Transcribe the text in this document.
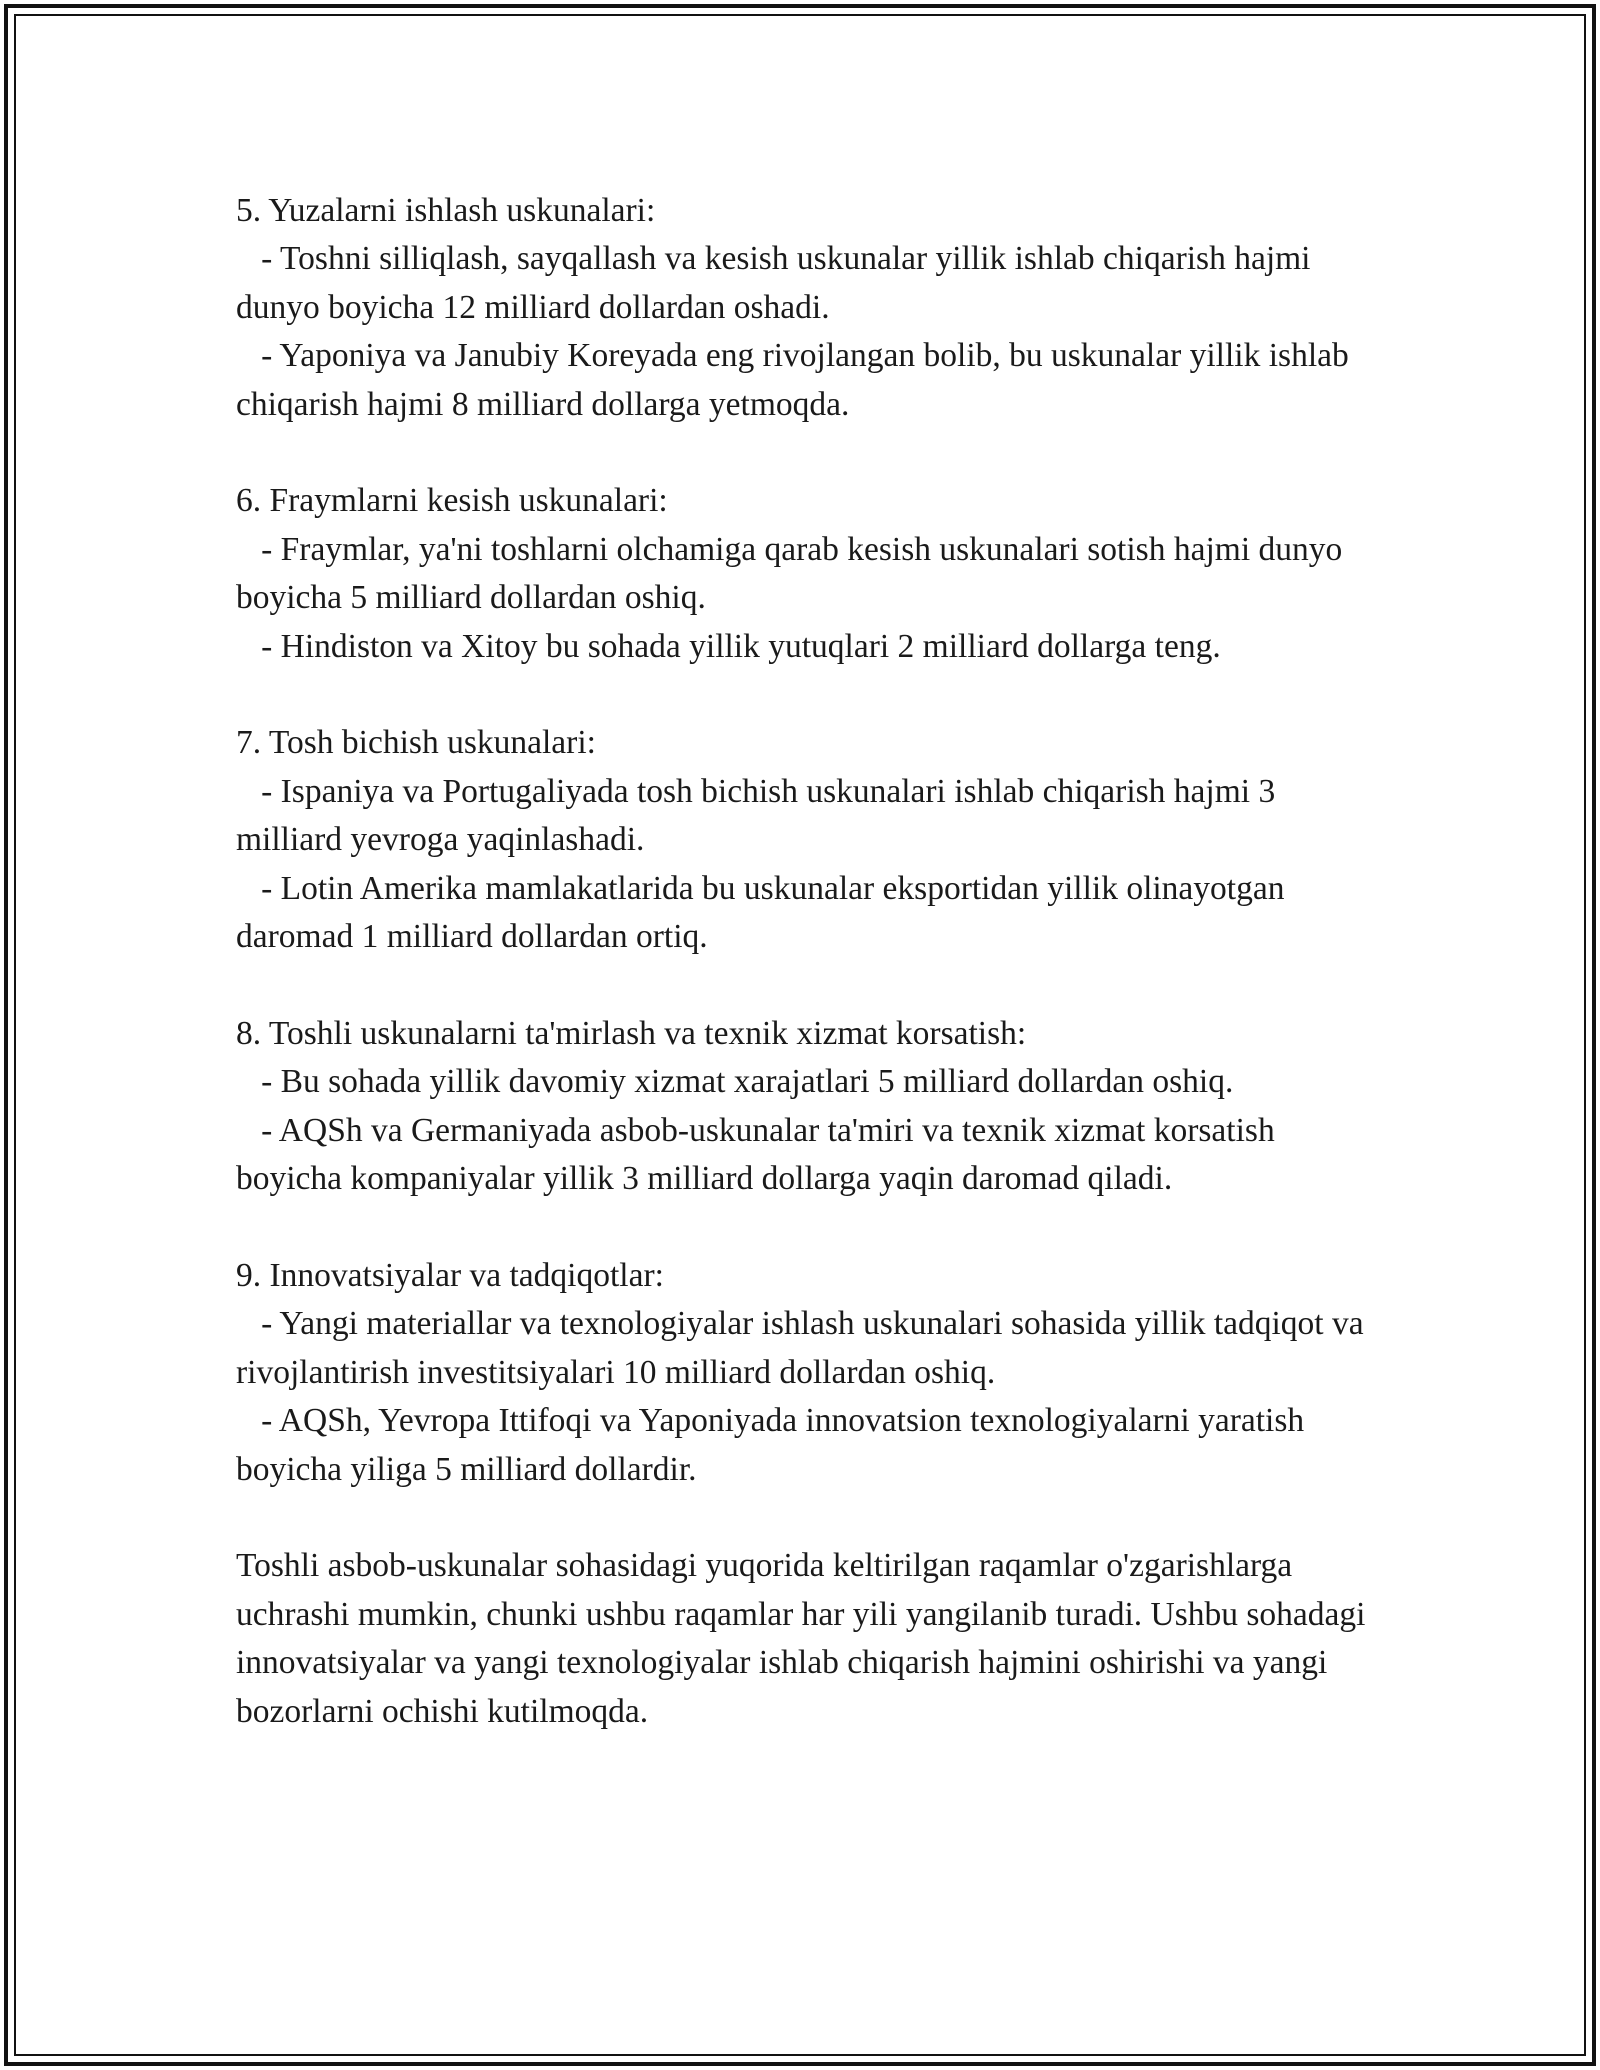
5. Yuzalarni ishlash uskunalari:

- Toshni silliqlash, sayqallash va kesish uskunalar yillik ishlab chiqarish hajmi dunyo boyicha 12 milliard dollardan oshadi.

- Yaponiya va Janubiy Koreyada eng rivojlangan bolib, bu uskunalar yillik ishlab chiqarish hajmi 8 milliard dollarga yetmoqda.

6. Fraymlarni kesish uskunalari:

- Fraymlar, ya'ni toshlarni olchamiga qarab kesish uskunalari sotish hajmi dunyo boyicha 5 milliard dollardan oshiq.

- Hindiston va Xitoy bu sohada yillik yutuqlari 2 milliard dollarga teng.

7. Tosh bichish uskunalari:

- Ispaniya va Portugaliyada tosh bichish uskunalari ishlab chiqarish hajmi 3 milliard yevroga yaqinlashadi.

- Lotin Amerika mamlakatlarida bu uskunalar eksportidan yillik olinayotgan daromad 1 milliard dollardan ortiq.

8. Toshli uskunalarni ta'mirlash va texnik xizmat korsatish:

- Bu sohada yillik davomiy xizmat xarajatlari 5 milliard dollardan oshiq.

- AQSh va Germaniyada asbob-uskunalar ta'miri va texnik xizmat korsatish boyicha kompaniyalar yillik 3 milliard dollarga yaqin daromad qiladi.

9. Innovatsiyalar va tadqiqotlar:

- Yangi materiallar va texnologiyalar ishlash uskunalari sohasida yillik tadqiqot va rivojlantirish investitsiyalari 10 milliard dollardan oshiq.

- AQSh, Yevropa Ittifoqi va Yaponiyada innovatsion texnologiyalarni yaratish boyicha yiliga 5 milliard dollardir.

Toshli asbob-uskunalar sohasidagi yuqorida keltirilgan raqamlar o'zgarishlarga uchrashi mumkin, chunki ushbu raqamlar har yili yangilanib turadi. Ushbu sohadagi innovatsiyalar va yangi texnologiyalar ishlab chiqarish hajmini oshirishi va yangi bozorlarni ochishi kutilmoqda.
